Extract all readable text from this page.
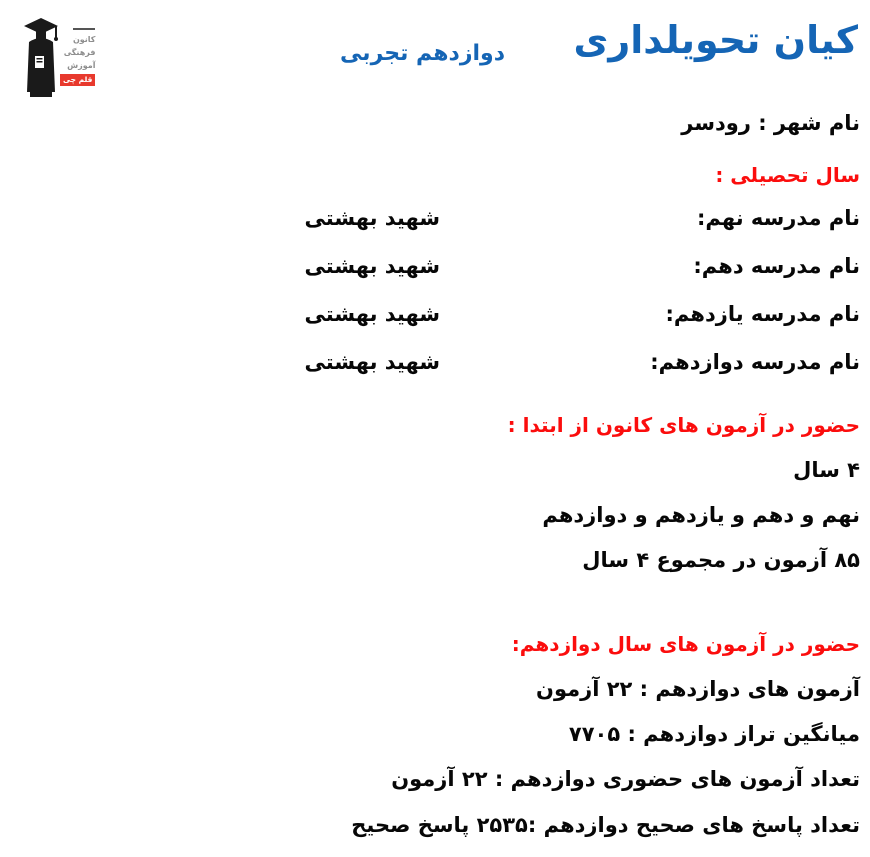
کانون
فرهنگی
آموزش
قلم چی
کیان تحویلداری
دوازدهم تجربی
نام شهر : رودسر
سال تحصیلی :
نام مدرسه نهم:
شهید بهشتی
نام مدرسه دهم:
شهید بهشتی
نام مدرسه یازدهم:
شهید بهشتی
نام مدرسه دوازدهم:
شهید بهشتی
حضور در آزمون های کانون از ابتدا :
۴ سال
نهم و دهم و یازدهم و دوازدهم
۸۵ آزمون در مجموع ۴ سال
حضور در آزمون های سال دوازدهم:
آزمون های دوازدهم : ۲۲ آزمون
میانگین تراز دوازدهم : ۷۷۰۵
تعداد آزمون های حضوری دوازدهم : ۲۲ آزمون
تعداد پاسخ های صحیح دوازدهم :۲۵۳۵ پاسخ صحیح
